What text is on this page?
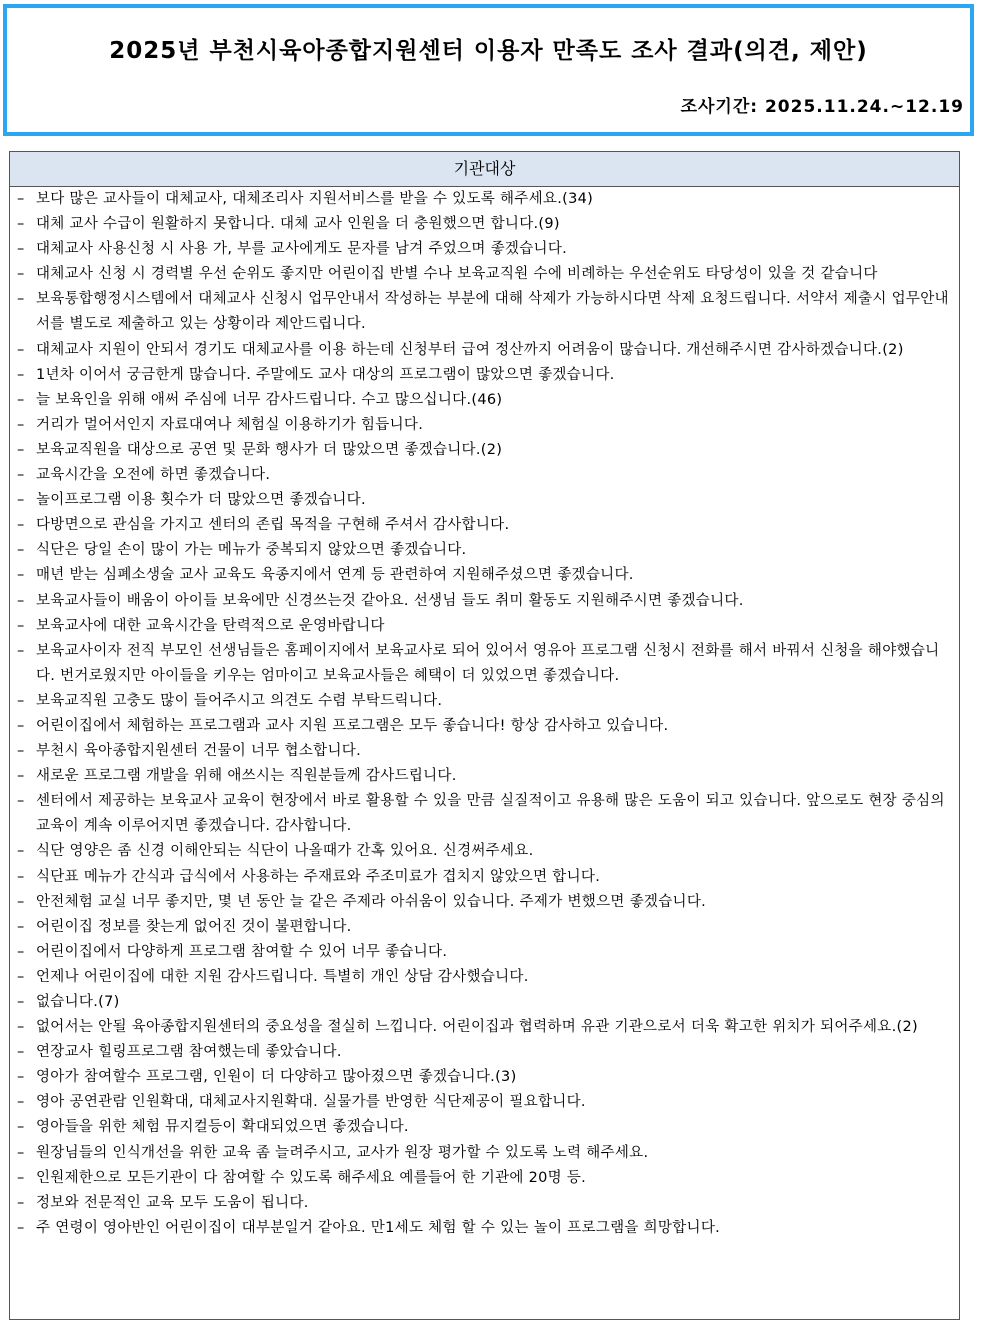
2025년 부천시육아종합지원센터 이용자 만족도 조사 결과(의견, 제안)
조사기간: 2025.11.24.~12.19
기관대상
– 보다 많은 교사들이 대체교사, 대체조리사 지원서비스를 받을 수 있도록 해주세요.(34)
– 대체 교사 수급이 원활하지 못합니다. 대체 교사 인원을 더 충원했으면 합니다.(9)
– 대체교사 사용신청 시 사용 가, 부를 교사에게도 문자를 남겨 주었으며 좋겠습니다.
– 대체교사 신청 시 경력별 우선 순위도 좋지만 어린이집 반별 수나 보육교직원 수에 비례하는 우선순위도 타당성이 있을 것 같습니다
– 보육통합행정시스템에서 대체교사 신청시 업무안내서 작성하는 부분에 대해 삭제가 가능하시다면 삭제 요청드립니다. 서약서 제출시 업무안내서를 별도로 제출하고 있는 상황이라 제안드립니다.
– 대체교사 지원이 안되서 경기도 대체교사를 이용 하는데 신청부터 급여 정산까지 어려움이 많습니다. 개선해주시면 감사하겠습니다.(2)
– 1년차 이어서 궁금한게 많습니다. 주말에도 교사 대상의 프로그램이 많았으면 좋겠습니다.
– 늘 보육인을 위해 애써 주심에 너무 감사드립니다. 수고 많으십니다.(46)
– 거리가 멀어서인지 자료대여나 체험실 이용하기가 힘듭니다.
– 보육교직원을 대상으로 공연 및 문화 행사가 더 많았으면 좋겠습니다.(2)
– 교육시간을 오전에 하면 좋겠습니다.
– 놀이프로그램 이용 횟수가 더 많았으면 좋겠습니다.
– 다방면으로 관심을 가지고 센터의 존립 목적을 구현해 주셔서 감사합니다.
– 식단은 당일 손이 많이 가는 메뉴가 중복되지 않았으면 좋겠습니다.
– 매년 받는 심폐소생술 교사 교육도 육종지에서 연계 등 관련하여 지원해주셨으면 좋겠습니다.
– 보육교사들이 배움이 아이들 보육에만 신경쓰는것 같아요. 선생님 들도 취미 활동도 지원해주시면 좋겠습니다.
– 보육교사에 대한 교육시간을 탄력적으로 운영바랍니다
– 보육교사이자 전직 부모인 선생님들은 홈페이지에서 보육교사로 되어 있어서 영유아 프로그램 신청시 전화를 해서 바꿔서 신청을 해야했습니다. 번거로웠지만 아이들을 키우는 엄마이고 보육교사들은 혜택이 더 있었으면 좋겠습니다.
– 보육교직원 고충도 많이 들어주시고 의견도 수렴 부탁드릭니다.
– 어린이집에서 체험하는 프로그램과 교사 지원 프로그램은 모두 좋습니다! 항상 감사하고 있습니다.
– 부천시 육아종합지원센터 건물이 너무 협소합니다.
– 새로운 프로그램 개발을 위해 애쓰시는 직원분들께 감사드립니다.
– 센터에서 제공하는 보육교사 교육이 현장에서 바로 활용할 수 있을 만큼 실질적이고 유용해 많은 도움이 되고 있습니다. 앞으로도 현장 중심의 교육이 계속 이루어지면 좋겠습니다. 감사합니다.
– 식단 영양은 좀 신경 이해안되는 식단이 나올때가 간혹 있어요. 신경써주세요.
– 식단표 메뉴가 간식과 급식에서 사용하는 주재료와 주조미료가 겹치지 않았으면 합니다.
– 안전체험 교실 너무 좋지만, 몇 년 동안 늘 같은 주제라 아쉬움이 있습니다. 주제가 변했으면 좋겠습니다.
– 어린이집 정보를 찾는게 없어진 것이 불편합니다.
– 어린이집에서 다양하게 프로그램 참여할 수 있어 너무 좋습니다.
– 언제나 어린이집에 대한 지원 감사드립니다. 특별히 개인 상담 감사했습니다.
– 없습니다.(7)
– 없어서는 안될 육아종합지원센터의 중요성을 절실히 느낍니다. 어린이집과 협력하며 유관 기관으로서 더욱 확고한 위치가 되어주세요.(2)
– 연장교사 힐링프로그램 참여했는데 좋았습니다.
– 영아가 참여할수 프로그램, 인원이 더 다양하고 많아졌으면 좋겠습니다.(3)
– 영아 공연관람 인원확대, 대체교사지원확대. 실물가를 반영한 식단제공이 필요합니다.
– 영아들을 위한 체험 뮤지컬등이 확대되었으면 좋겠습니다.
– 원장님들의 인식개선을 위한 교육 좀 늘려주시고, 교사가 원장 평가할 수 있도록 노력 해주세요.
– 인원제한으로 모든기관이 다 참여할 수 있도록 해주세요 예를들어 한 기관에 20명 등.
– 정보와 전문적인 교육 모두 도움이 됩니다.
– 주 연령이 영아반인 어린이집이 대부분일거 같아요. 만1세도 체험 할 수 있는 놀이 프로그램을 희망합니다.
